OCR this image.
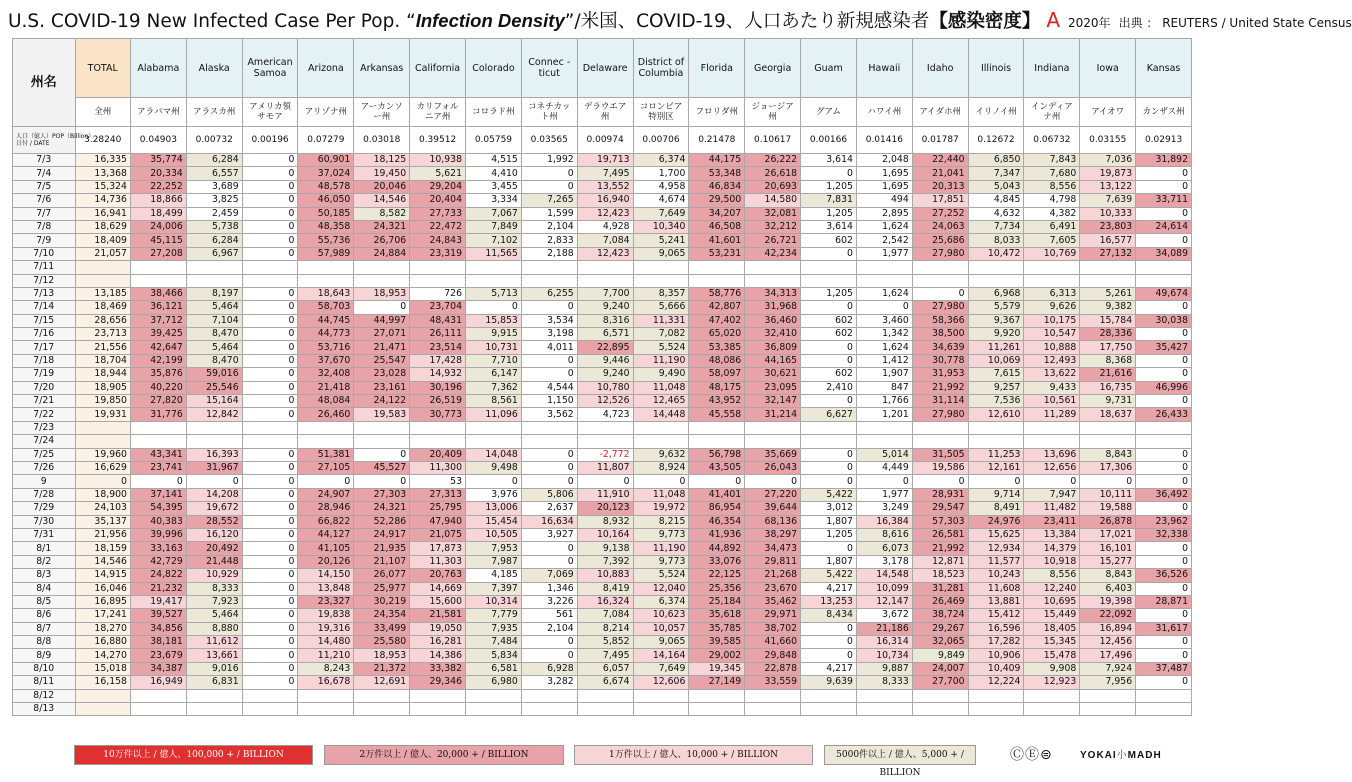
U.S. COVID-19 New Infected Case Per Pop. “Infection Density”/米国、COVID-19、人口あたり新規感染者【感染密度】 A 2020年 出典 ： REUTERS / United State Census
州名	TOTAL	Alabama	Alaska	American Samoa	Arizona	Arkansas	California	Colorado	Connec -ticut	Delaware	District of Columbia	Florida	Georgia	Guam	Hawaii	Idaho	Illinois	Indiana	Iowa	Kansas
	全州	アラバマ州	アラスカ州	アメリカ領サモア	アリゾナ州	アーカンソー州	カリフォルニア州	コロラド州	コネチカット州	デラウエア州	コロンビア特別区	フロリダ州	ジョージア州	グアム	ハワイ州	アイダホ州	イリノイ州	インディアナ州	アイオワ	カンザス州

人口（億人）POP（Billion）
日付 / DATE	3.28240	0.04903	0.00732	0.00196	0.07279	0.03018	0.39512	0.05759	0.03565	0.00974	0.00706	0.21478	0.10617	0.00166	0.01416	0.01787	0.12672	0.06732	0.03155	0.02913
7/3	16,335	35,774	6,284	0	60,901	18,125	10,938	4,515	1,992	19,713	6,374	44,175	26,222	3,614	2,048	22,440	6,850	7,843	7,036	31,892
7/4	13,368	20,334	6,557	0	37,024	19,450	5,621	4,410	0	7,495	1,700	53,348	26,618	0	1,695	21,041	7,347	7,680	19,873	0
7/5	15,324	22,252	3,689	0	48,578	20,046	29,204	3,455	0	13,552	4,958	46,834	20,693	1,205	1,695	20,313	5,043	8,556	13,122	0
7/6	14,736	18,866	3,825	0	46,050	14,546	20,404	3,334	7,265	16,940	4,674	29,500	14,580	7,831	494	17,851	4,845	4,798	7,639	33,711
7/7	16,941	18,499	2,459	0	50,185	8,582	27,733	7,067	1,599	12,423	7,649	34,207	32,081	1,205	2,895	27,252	4,632	4,382	10,333	0
7/8	18,629	24,006	5,738	0	48,358	24,321	22,472	7,849	2,104	4,928	10,340	46,508	32,212	3,614	1,624	24,063	7,734	6,491	23,803	24,614
7/9	18,409	45,115	6,284	0	55,736	26,706	24,843	7,102	2,833	7,084	5,241	41,601	26,721	602	2,542	25,686	8,033	7,605	16,577	0
7/10	21,057	27,208	6,967	0	57,989	24,884	23,319	11,565	2,188	12,423	9,065	53,231	42,234	0	1,977	27,980	10,472	10,769	27,132	34,089
7/11																				
7/12																				
7/13	13,185	38,466	8,197	0	18,643	18,953	726	5,713	6,255	7,700	8,357	58,776	34,313	1,205	1,624	0	6,968	6,313	5,261	49,674
7/14	18,469	36,121	5,464	0	58,703	0	23,704	0	0	9,240	5,666	42,807	31,968	0	0	27,980	5,579	9,626	9,382	0
7/15	28,656	37,712	7,104	0	44,745	44,997	48,431	15,853	3,534	8,316	11,331	47,402	36,460	602	3,460	58,366	9,367	10,175	15,784	30,038
7/16	23,713	39,425	8,470	0	44,773	27,071	26,111	9,915	3,198	6,571	7,082	65,020	32,410	602	1,342	38,500	9,920	10,547	28,336	0
7/17	21,556	42,647	5,464	0	53,716	21,471	23,514	10,731	4,011	22,895	5,524	53,385	36,809	0	1,624	34,639	11,261	10,888	17,750	35,427
7/18	18,704	42,199	8,470	0	37,670	25,547	17,428	7,710	0	9,446	11,190	48,086	44,165	0	1,412	30,778	10,069	12,493	8,368	0
7/19	18,944	35,876	59,016	0	32,408	23,028	14,932	6,147	0	9,240	9,490	58,097	30,621	602	1,907	31,953	7,615	13,622	21,616	0
7/20	18,905	40,220	25,546	0	21,418	23,161	30,196	7,362	4,544	10,780	11,048	48,175	23,095	2,410	847	21,992	9,257	9,433	16,735	46,996
7/21	19,850	27,820	15,164	0	48,084	24,122	26,519	8,561	1,150	12,526	12,465	43,952	32,147	0	1,766	31,114	7,536	10,561	9,731	0
7/22	19,931	31,776	12,842	0	26,460	19,583	30,773	11,096	3,562	4,723	14,448	45,558	31,214	6,627	1,201	27,980	12,610	11,289	18,637	26,433
7/23																				
7/24																				
7/25	19,960	43,341	16,393	0	51,381	0	20,409	14,048	0	-2,772	9,632	56,798	35,669	0	5,014	31,505	11,253	13,696	8,843	0
7/26	16,629	23,741	31,967	0	27,105	45,527	11,300	9,498	0	11,807	8,924	43,505	26,043	0	4,449	19,586	12,161	12,656	17,306	0
9	0	0	0	0	0	0	53	0	0	0	0	0	0	0	0	0	0	0	0	0
7/28	18,900	37,141	14,208	0	24,907	27,303	27,313	3,976	5,806	11,910	11,048	41,401	27,220	5,422	1,977	28,931	9,714	7,947	10,111	36,492
7/29	24,103	54,395	19,672	0	28,946	24,321	25,795	13,006	2,637	20,123	19,972	86,954	39,644	3,012	3,249	29,547	8,491	11,482	19,588	0
7/30	35,137	40,383	28,552	0	66,822	52,286	47,940	15,454	16,634	8,932	8,215	46,354	68,136	1,807	16,384	57,303	24,976	23,411	26,878	23,962
7/31	21,956	39,996	16,120	0	44,127	24,917	21,075	10,505	3,927	10,164	9,773	41,936	38,297	1,205	8,616	26,581	15,625	13,384	17,021	32,338
8/1	18,159	33,163	20,492	0	41,105	21,935	17,873	7,953	0	9,138	11,190	44,892	34,473	0	6,073	21,992	12,934	14,379	16,101	0
8/2	14,546	42,729	21,448	0	20,126	21,107	11,303	7,987	0	7,392	9,773	33,076	29,811	1,807	3,178	12,871	11,577	10,918	15,277	0
8/3	14,915	24,822	10,929	0	14,150	26,077	20,763	4,185	7,069	10,883	5,524	22,125	21,268	5,422	14,548	18,523	10,243	8,556	8,843	36,526
8/4	16,046	21,232	8,333	0	13,848	25,977	14,669	7,397	1,346	8,419	12,040	25,356	23,670	4,217	10,099	31,281	11,608	12,240	6,403	0
8/5	16,895	19,417	7,923	0	23,327	30,219	15,600	10,314	3,226	16,324	6,374	25,184	35,462	13,253	12,147	26,469	13,881	10,695	19,398	28,871
8/6	17,241	39,527	5,464	0	19,838	24,354	21,581	7,779	561	7,084	10,623	35,618	29,971	8,434	3,672	38,724	15,412	15,449	22,092	0
8/7	18,270	34,856	8,880	0	19,316	33,499	19,050	7,935	2,104	8,214	10,057	35,785	38,702	0	21,186	29,267	16,596	18,405	16,894	31,617
8/8	16,880	38,181	11,612	0	14,480	25,580	16,281	7,484	0	5,852	9,065	39,585	41,660	0	16,314	32,065	17,282	15,345	12,456	0
8/9	14,270	23,679	13,661	0	11,210	18,953	14,386	5,834	0	7,495	14,164	29,002	29,848	0	10,734	9,849	10,906	15,478	17,496	0
8/10	15,018	34,387	9,016	0	8,243	21,372	33,382	6,581	6,928	6,057	7,649	19,345	22,878	4,217	9,887	24,007	10,409	9,908	7,924	37,487
8/11	16,158	16,949	6,831	0	16,678	12,691	29,346	6,980	3,282	6,674	12,606	27,149	33,559	9,639	8,333	27,700	12,224	12,923	7,956	0
8/12																				
8/13																				
10万件以上 / 億人、100,000 + / BILLION	2万件以上 / 億人、20,000 + / BILLION	1万件以上 / 億人、10,000 + / BILLION	5000件以上 / 億人、5,000 + / BILLION
ⒸⒺ⊜	YOKAI小MADH
